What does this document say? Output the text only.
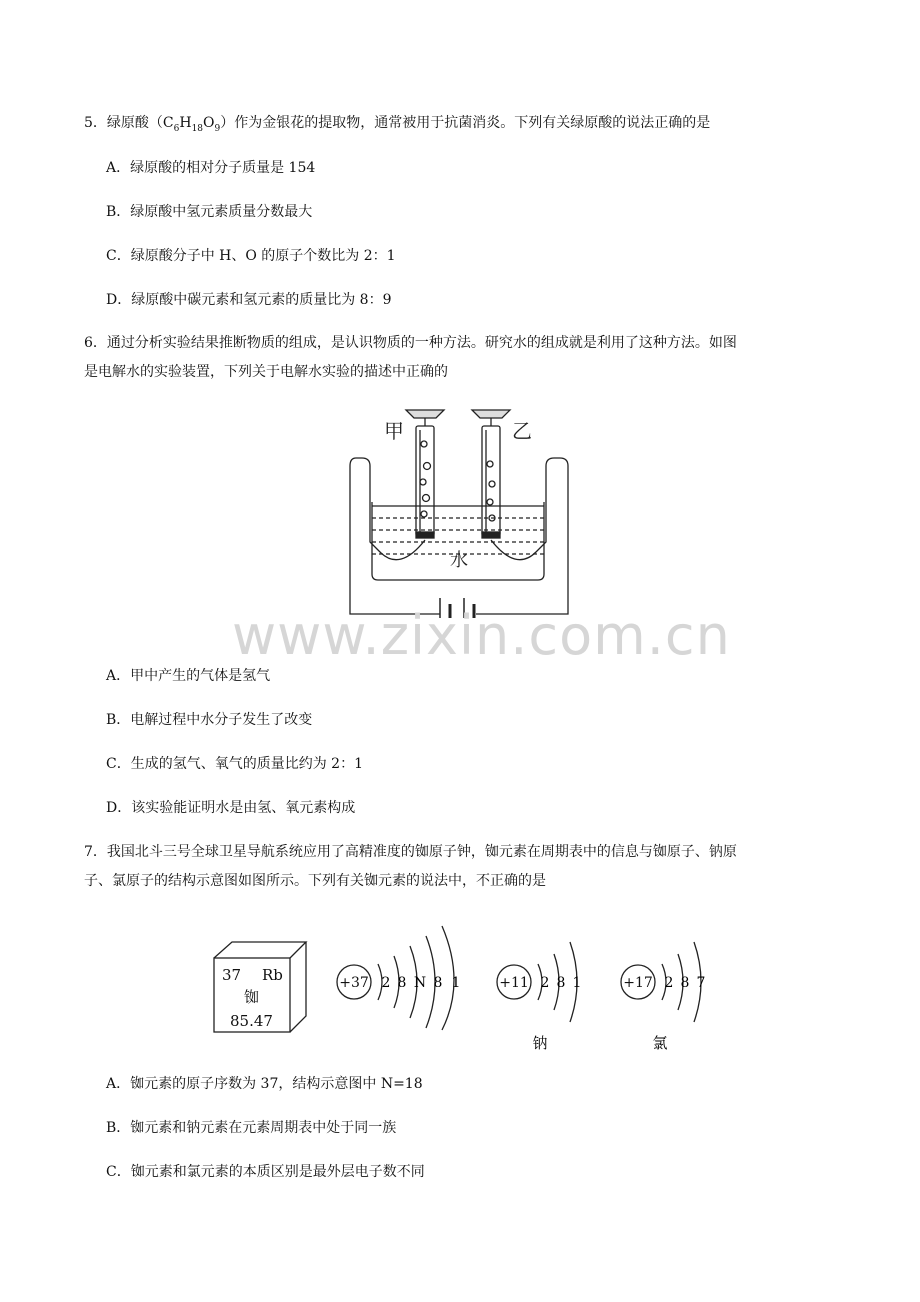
5．绿原酸$(C_6H_{18}O_9)$作为金银花的提取物，通常被用于抗菌消炎。下列有关绿原酸的说法正确的是
A．绿原酸的相对分子质量是 154
B．绿原酸中氢元素质量分数最大
C．绿原酸分子中 H、O 的原子个数比为 2：1
D．绿原酸中碳元素和氢元素的质量比为 8：9
6．通过分析实验结果推断物质的组成，是认识物质的一种方法。研究水的组成就是利用了这种方法。如图
是电解水的实验装置，下列关于电解水实验的描述中正确的
甲	乙
水
www.zixin.com.cn
A．甲中产生的气体是氢气
B．电解过程中水分子发生了改变
C．生成的氢气、氧气的质量比约为 2：1
D．该实验能证明水是由氢、氧元素构成
7．我国北斗三号全球卫星导航系统应用了高精准度的铷原子钟，铷元素在周期表中的信息与铷原子、钠原
子、氯原子的结构示意图如图所示。下列有关铷元素的说法中，不正确的是
37 Rb
铷
85.47
+37 2 8 N 8 1	+11 2 8 1
钠
+17 2 8 7
氯
A．铷元素的原子序数为 37，结构示意图中 N=18
B．铷元素和钠元素在元素周期表中处于同一族
C．铷元素和氯元素的本质区别是最外层电子数不同
